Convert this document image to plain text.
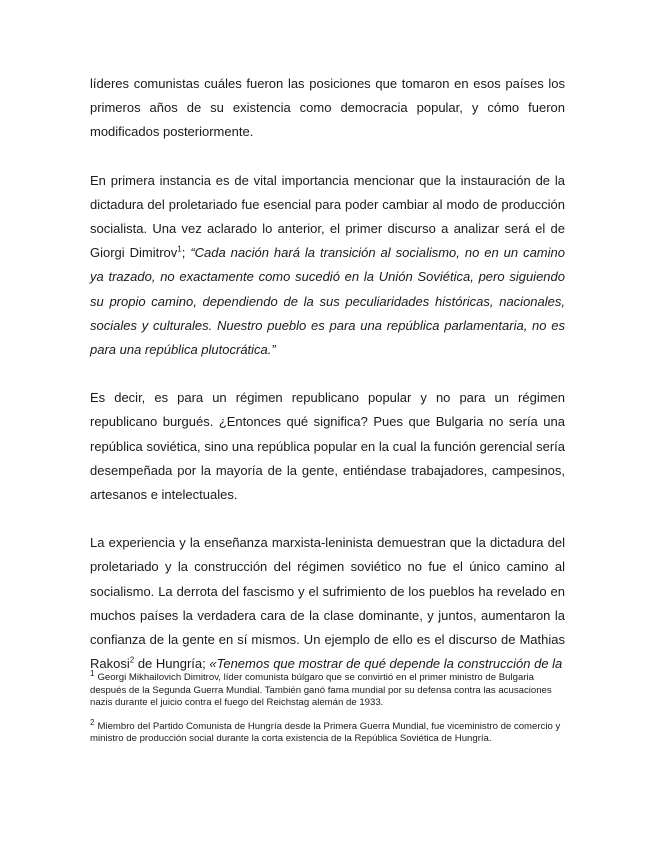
líderes comunistas cuáles fueron las posiciones que tomaron en esos países los primeros años de su existencia como democracia popular, y cómo fueron modificados posteriormente.

En primera instancia es de vital importancia mencionar que la instauración de la dictadura del proletariado fue esencial para poder cambiar al modo de producción socialista. Una vez aclarado lo anterior, el primer discurso a analizar será el de Giorgi Dimitrov$^1$; “Cada nación hará la transición al socialismo, no en un camino ya trazado, no exactamente como sucedió en la Unión Soviética, pero siguiendo su propio camino, dependiendo de la sus peculiaridades históricas, nacionales, sociales y culturales. Nuestro pueblo es para una república parlamentaria, no es para una república plutocrática.”

Es decir, es para un régimen republicano popular y no para un régimen republicano burgués. ¿Entonces qué significa? Pues que Bulgaria no sería una república soviética, sino una república popular en la cual la función gerencial sería desempeñada por la mayoría de la gente, entiéndase trabajadores, campesinos, artesanos e intelectuales.

La experiencia y la enseñanza marxista-leninista demuestran que la dictadura del proletariado y la construcción del régimen soviético no fue el único camino al socialismo. La derrota del fascismo y el sufrimiento de los pueblos ha revelado en muchos países la verdadera cara de la clase dominante, y juntos, aumentaron la confianza de la gente en sí mismos. Un ejemplo de ello es el discurso de Mathias Rakosi$^2$ de Hungría; «Tenemos que mostrar de qué depende la construcción de la

$^1$ Georgi Mikhailovich Dimitrov, líder comunista búlgaro que se convirtió en el primer ministro de Bulgaria después de la Segunda Guerra Mundial. También ganó fama mundial por su defensa contra las acusaciones nazis durante el juicio contra el fuego del Reichstag alemán de 1933.

$^2$ Miembro del Partido Comunista de Hungría desde la Primera Guerra Mundial, fue viceministro de comercio y ministro de producción social durante la corta existencia de la República Soviética de Hungría.
